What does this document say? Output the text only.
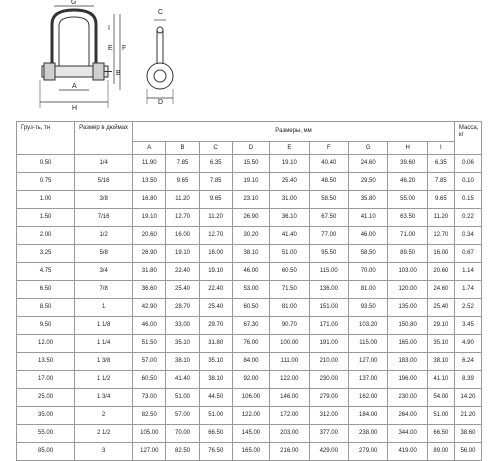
G
C
I
E F
B
A
H
D
Груз-ть, тн	Размер в дюймах	Размеры, мм									Масса, кг
		A	B	C	D	E	F	G	H	I	
0.50	1/4	11.90	7.85	6.35	15.50	19.10	40.40	24.60	39.60	6.35	0.06
0.75	5/16	13.50	9.65	7.85	19.10	25.40	48.50	29.50	46.20	7.85	0.10
1.00	3/8	16.80	11.20	9.65	23.10	31.00	58.50	35.80	55.00	9.65	0.15
1.50	7/16	19.10	12.70	11.20	26.90	36.10	67.50	41.10	63.50	11.20	0.22
2.00	1/2	20.60	16.00	12.70	30.20	41.40	77.00	46.00	71.00	12.70	0.34
3.25	5/8	26.90	19.10	16.00	38.10	51.00	95.50	58.50	89.50	16.00	0.67
4.75	3/4	31.80	22.40	19.10	46.00	60.50	115.00	70.00	103.00	20.60	1.14
6.50	7/8	36.60	25.40	22.40	53.00	71.50	136.00	81.00	120.00	24.60	1.74
8.50	1	42.90	28.70	25.40	60.50	81.00	151.00	93.50	135.00	25.40	2.52
9.50	1 1/8	46.00	33.00	29.70	67.30	90.70	171.00	103.20	150.80	29.10	3.45
12.00	1 1/4	51.50	35.10	31.80	76.00	100.00	191.00	115.00	165.00	35.10	4.90
13.50	1 3/8	57.00	38.10	35.10	84.00	111.00	210.00	127.00	183.00	38.10	6.24
17.00	1 1/2	60.50	41.40	38.10	92.00	122.00	230.00	137.00	196.00	41.10	8.39
25.00	1 3/4	73.00	51.00	44.50	106.00	146.00	279.00	162.00	230.00	54.00	14.20
35.00	2	82.50	57.00	51.00	122.00	172.00	312.00	184.00	264.00	51.00	21.20
55.00	2 1/2	105.00	70.00	66.50	145.00	203.00	377.00	238.00	344.00	66.50	38.60
85.00	3	127.00	82.50	76.50	165.00	216.00	429.00	279.00	419.00	89.00	56.00
